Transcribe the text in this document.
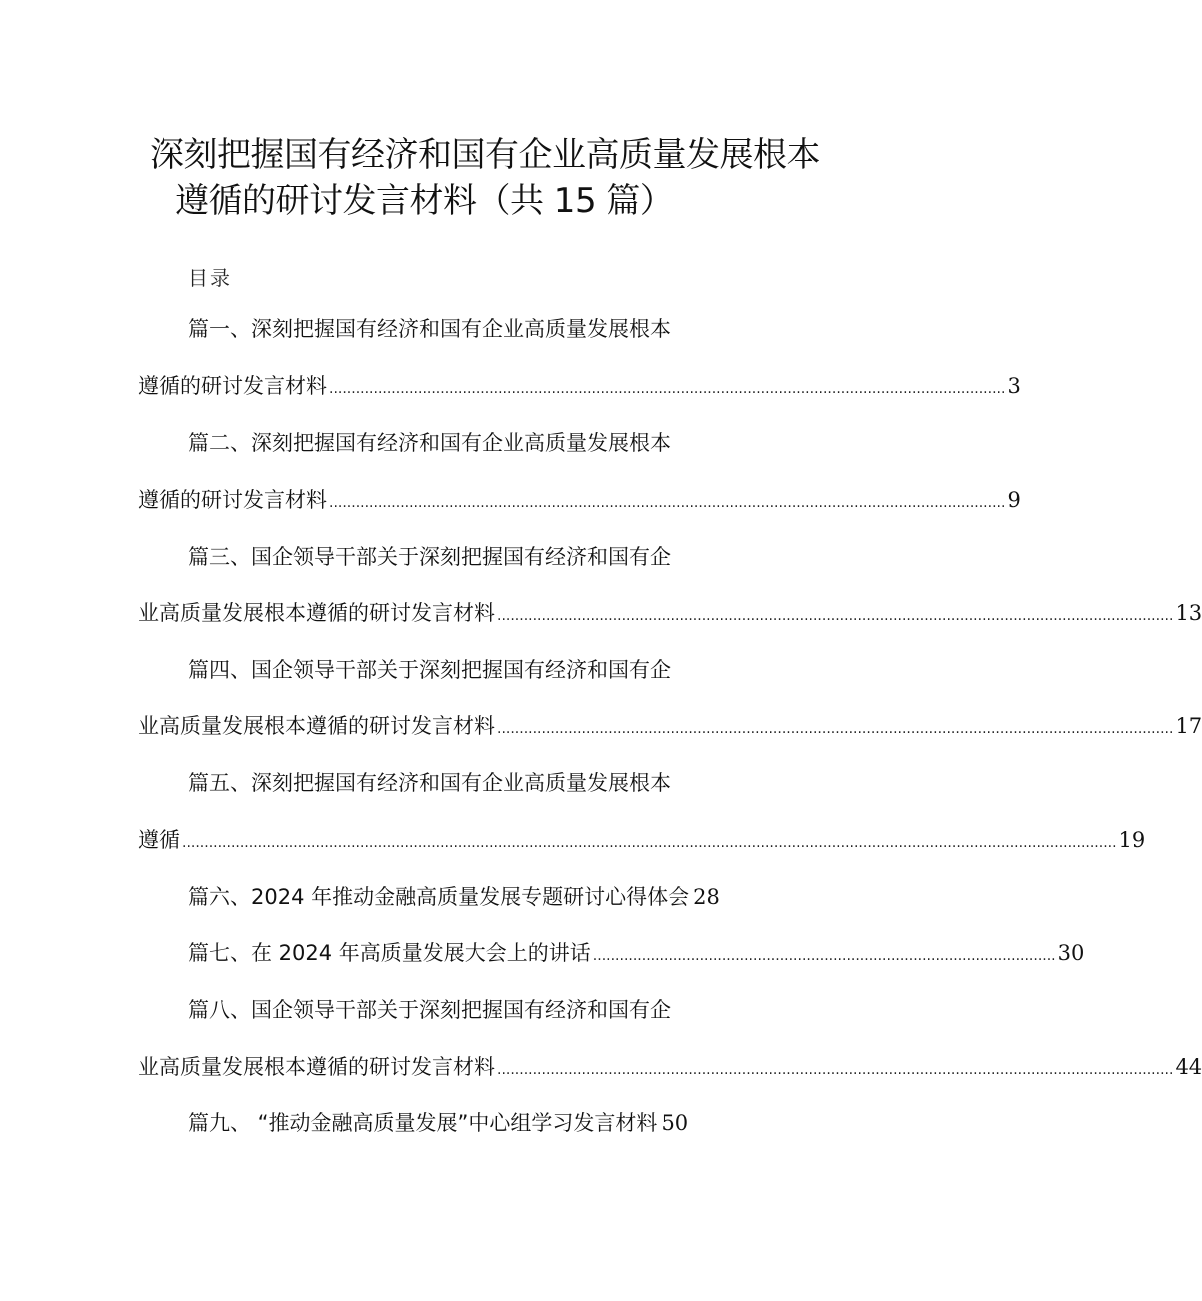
深刻把握国有经济和国有企业高质量发展根本
遵循的研讨发言材料（共 15 篇）
目录
篇一、深刻把握国有经济和国有企业高质量发展根本
遵循的研讨发言材料 ........................................................................................................................................................ 3
篇二、深刻把握国有经济和国有企业高质量发展根本
遵循的研讨发言材料 ........................................................................................................................................................ 9
篇三、国企领导干部关于深刻把握国有经济和国有企
业高质量发展根本遵循的研讨发言材料 ........................................................................................................................................................ 13
篇四、国企领导干部关于深刻把握国有经济和国有企
业高质量发展根本遵循的研讨发言材料 ........................................................................................................................................................ 17
篇五、深刻把握国有经济和国有企业高质量发展根本
遵循 .................................................................................................................................................................................................................. 19
篇六、2024 年推动金融高质量发展专题研讨心得体会 28
篇七、在 2024 年高质量发展大会上的讲话 ........................................................................................................ 30
篇八、国企领导干部关于深刻把握国有经济和国有企
业高质量发展根本遵循的研讨发言材料 ........................................................................................................................................................ 44
篇九、 “推动金融高质量发展”中心组学习发言材料 50
